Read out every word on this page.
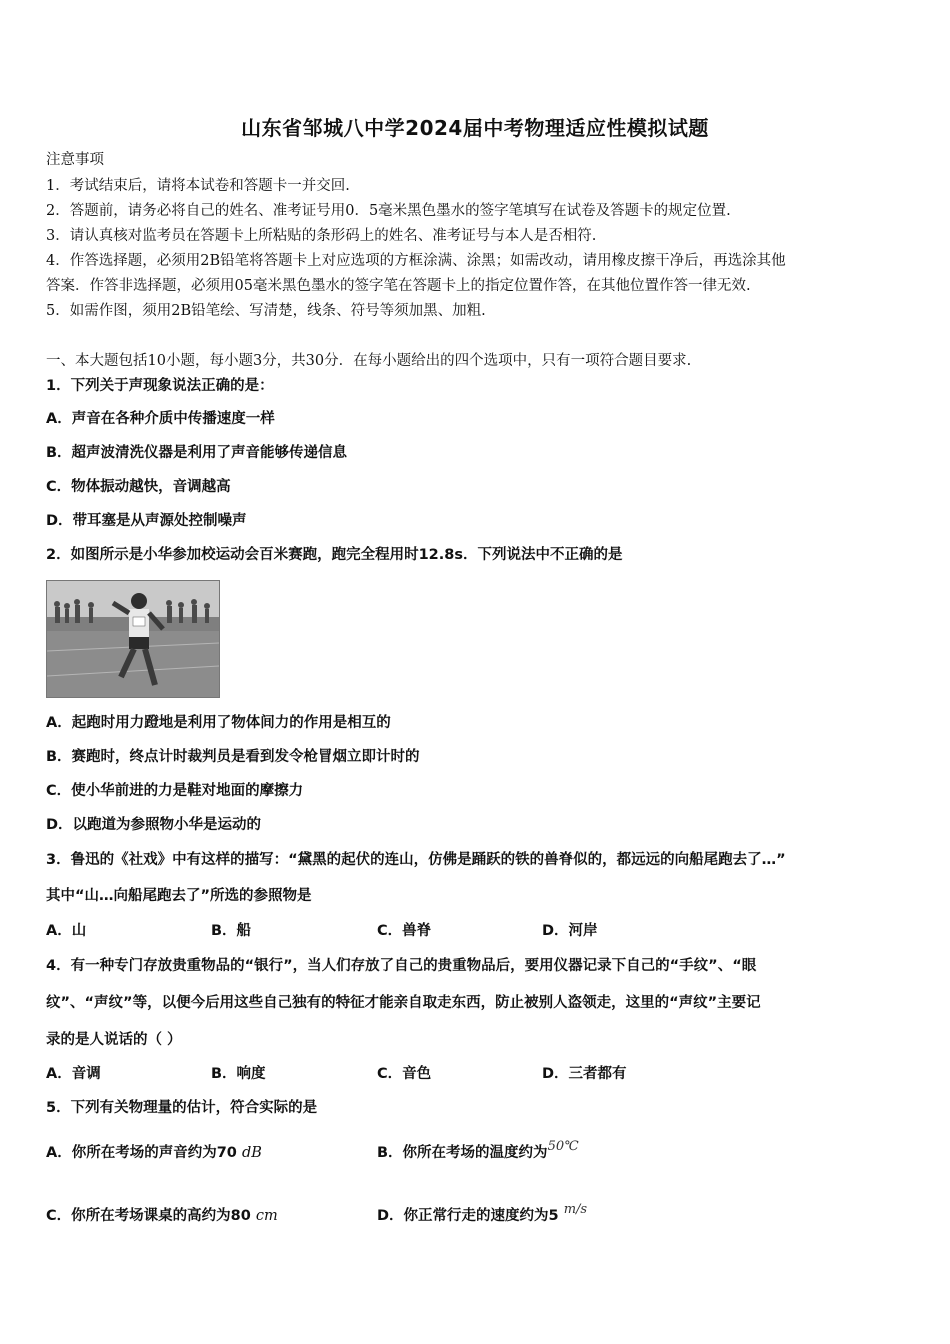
山东省邹城八中学2024届中考物理适应性模拟试题
注意事项
1．考试结束后，请将本试卷和答题卡一并交回.
2．答题前，请务必将自己的姓名、准考证号用0．5毫米黑色墨水的签字笔填写在试卷及答题卡的规定位置.
3．请认真核对监考员在答题卡上所粘贴的条形码上的姓名、准考证号与本人是否相符.
4．作答选择题，必须用2B铅笔将答题卡上对应选项的方框涂满、涂黑；如需改动，请用橡皮擦干净后，再选涂其他
答案．作答非选择题，必须用05毫米黑色墨水的签字笔在答题卡上的指定位置作答，在其他位置作答一律无效.
5．如需作图，须用2B铅笔绘、写清楚，线条、符号等须加黑、加粗.
一、本大题包括10小题，每小题3分，共30分．在每小题给出的四个选项中，只有一项符合题目要求.
1．下列关于声现象说法正确的是：
A．声音在各种介质中传播速度一样
B．超声波清洗仪器是利用了声音能够传递信息
C．物体振动越快，音调越高
D．带耳塞是从声源处控制噪声
2．如图所示是小华参加校运动会百米赛跑，跑完全程用时12.8s．下列说法中不正确的是
A．起跑时用力蹬地是利用了物体间力的作用是相互的
B．赛跑时，终点计时裁判员是看到发令枪冒烟立即计时的
C．使小华前进的力是鞋对地面的摩擦力
D．以跑道为参照物小华是运动的
3．鲁迅的《社戏》中有这样的描写：“黛黑的起伏的连山，仿佛是踊跃的铁的兽脊似的，都远远的向船尾跑去了…”
其中“山…向船尾跑去了”所选的参照物是
A．山	B．船	C．兽脊	D．河岸
4．有一种专门存放贵重物品的“银行”，当人们存放了自己的贵重物品后，要用仪器记录下自己的“手纹”、“眼
纹”、“声纹”等，以便今后用这些自己独有的特征才能亲自取走东西，防止被别人盗领走，这里的“声纹”主要记
录的是人说话的（ ）
A．音调	B．响度	C．音色	D．三者都有
5．下列有关物理量的估计，符合实际的是
A．你所在考场的声音约为70 dB	B．你所在考场的温度约为50℃
C．你所在考场课桌的高约为80 cm	D．你正常行走的速度约为5 m/s
